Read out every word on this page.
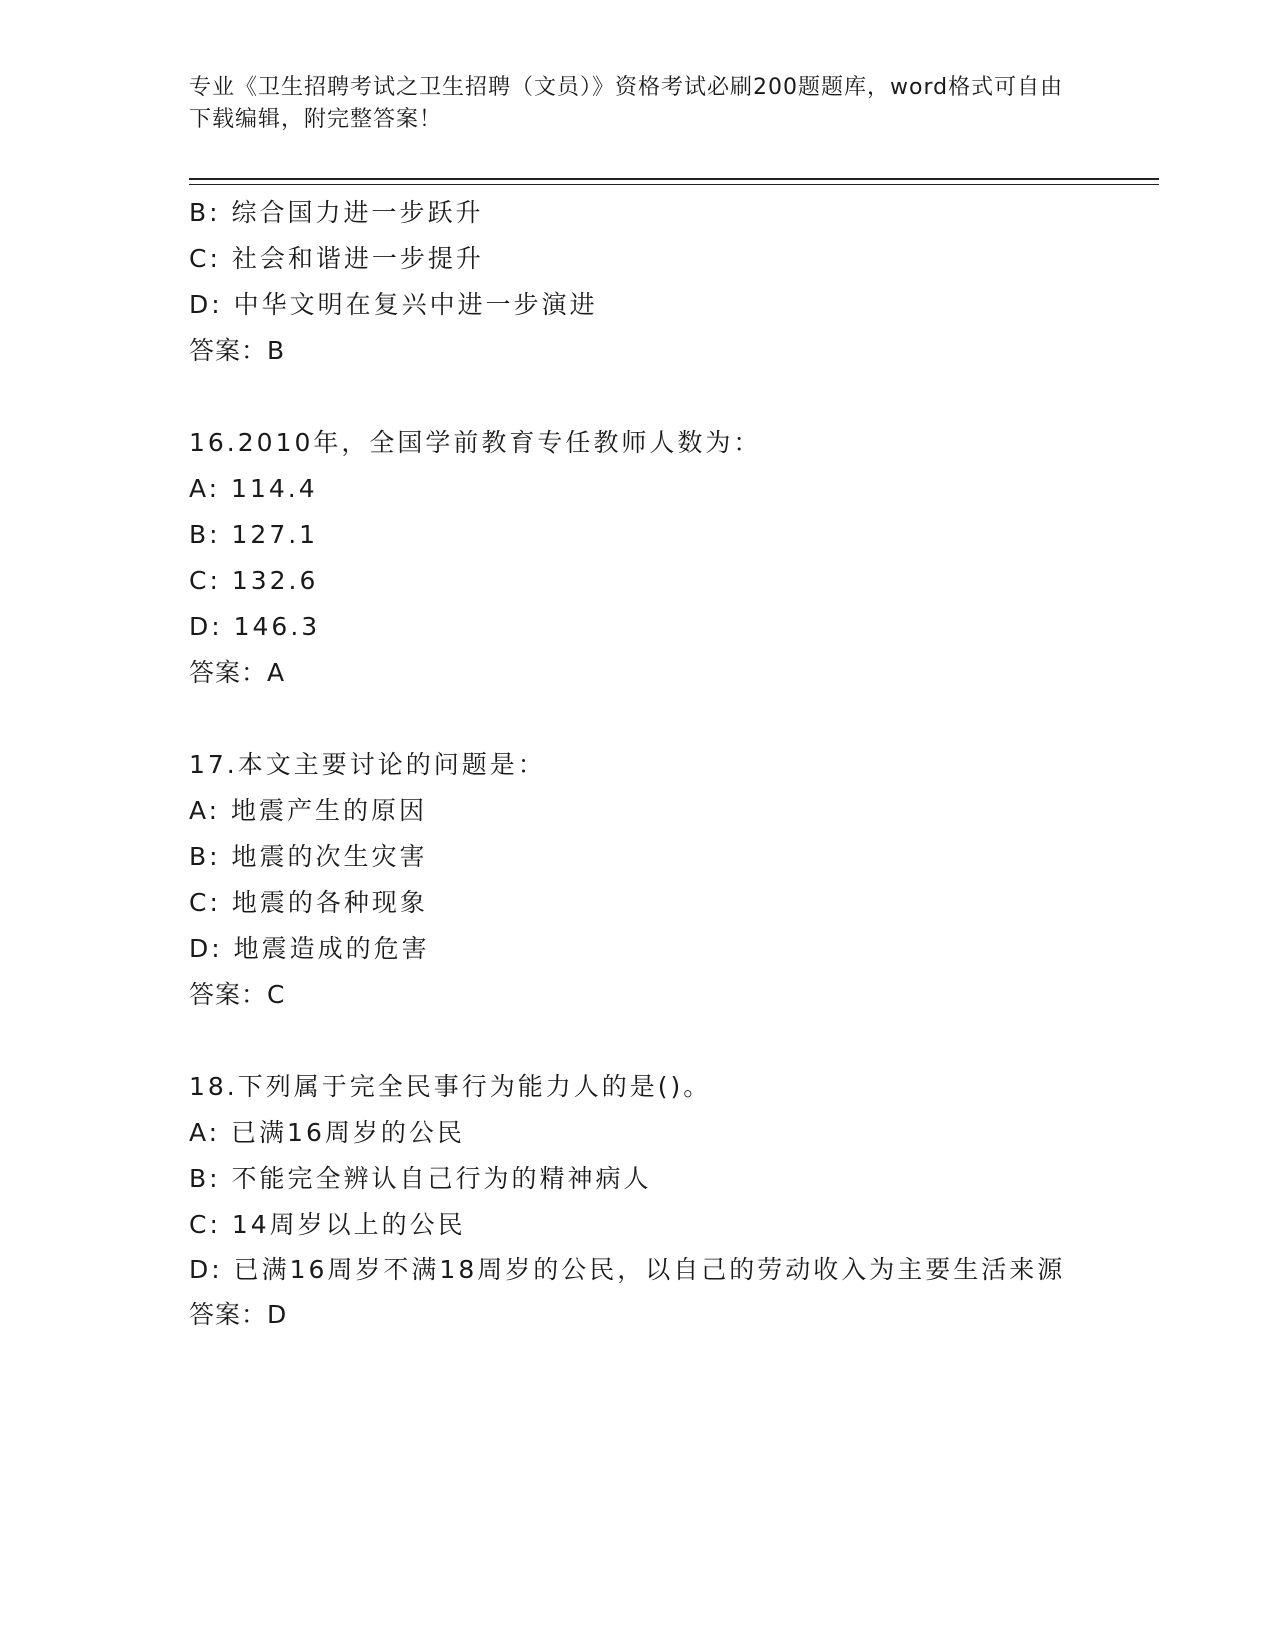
专业《卫生招聘考试之卫生招聘（文员）》资格考试必刷200题题库，word格式可自由下载编辑，附完整答案！

B: 综合国力进一步跃升

C: 社会和谐进一步提升

D: 中华文明在复兴中进一步演进

答案：B

16.2010年，全国学前教育专任教师人数为：

A: 114.4

B: 127.1

C: 132.6

D: 146.3

答案：A

17.本文主要讨论的问题是：

A: 地震产生的原因

B: 地震的次生灾害

C: 地震的各种现象

D: 地震造成的危害

答案：C

18.下列属于完全民事行为能力人的是()。

A: 已满16周岁的公民

B: 不能完全辨认自己行为的精神病人

C: 14周岁以上的公民

D: 已满16周岁不满18周岁的公民，以自己的劳动收入为主要生活来源

答案：D
